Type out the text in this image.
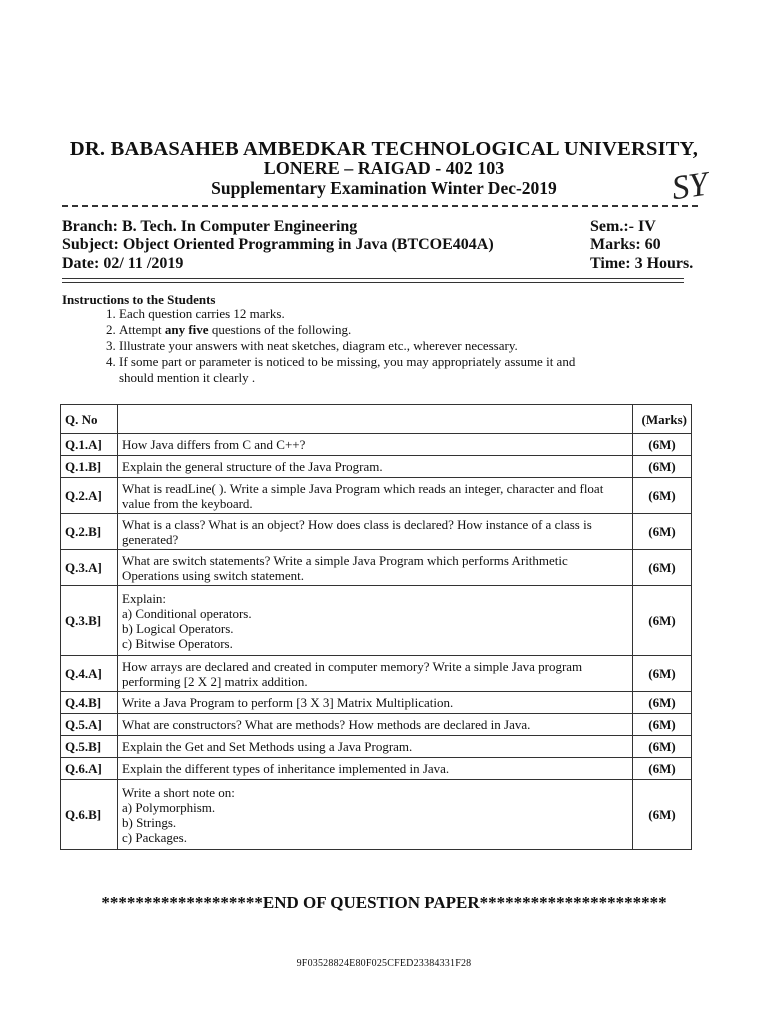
DR. BABASAHEB AMBEDKAR TECHNOLOGICAL UNIVERSITY,
LONERE – RAIGAD - 402 103
Supplementary Examination Winter Dec-2019	SY
Branch: B. Tech. In Computer Engineering
Subject: Object Oriented Programming in Java (BTCOE404A)
Date: 02/ 11 /2019
Sem.:- IV
Marks: 60
Time: 3 Hours.
Instructions to the Students
1. Each question carries 12 marks.
2. Attempt any five questions of the following.
3. Illustrate your answers with neat sketches, diagram etc., wherever necessary.
4. If some part or parameter is noticed to be missing, you may appropriately assume it and should mention it clearly .
Q. No		(Marks)
Q.1.A]	How Java differs from C and C++?	(6M)
Q.1.B]	Explain the general structure of the Java Program.	(6M)
Q.2.A]	What is readLine( ). Write a simple Java Program which reads an integer, character and float value from the keyboard.	(6M)
Q.2.B]	What is a class? What is an object? How does class is declared? How instance of a class is generated?	(6M)
Q.3.A]	What are switch statements? Write a simple Java Program which performs Arithmetic Operations using switch statement.	(6M)
Q.3.B]	Explain:
a) Conditional operators.
b) Logical Operators.
c) Bitwise Operators.	(6M)
Q.4.A]	How arrays are declared and created in computer memory? Write a simple Java program performing [2 X 2] matrix addition.	(6M)
Q.4.B]	Write a Java Program to perform [3 X 3] Matrix Multiplication.	(6M)
Q.5.A]	What are constructors? What are methods? How methods are declared in Java.	(6M)
Q.5.B]	Explain the Get and Set Methods using a Java Program.	(6M)
Q.6.A]	Explain the different types of inheritance implemented in Java.	(6M)
Q.6.B]	Write a short note on:
a) Polymorphism.
b) Strings.
c) Packages.	(6M)
*******************END OF QUESTION PAPER**********************
9F03528824E80F025CFED23384331F28
